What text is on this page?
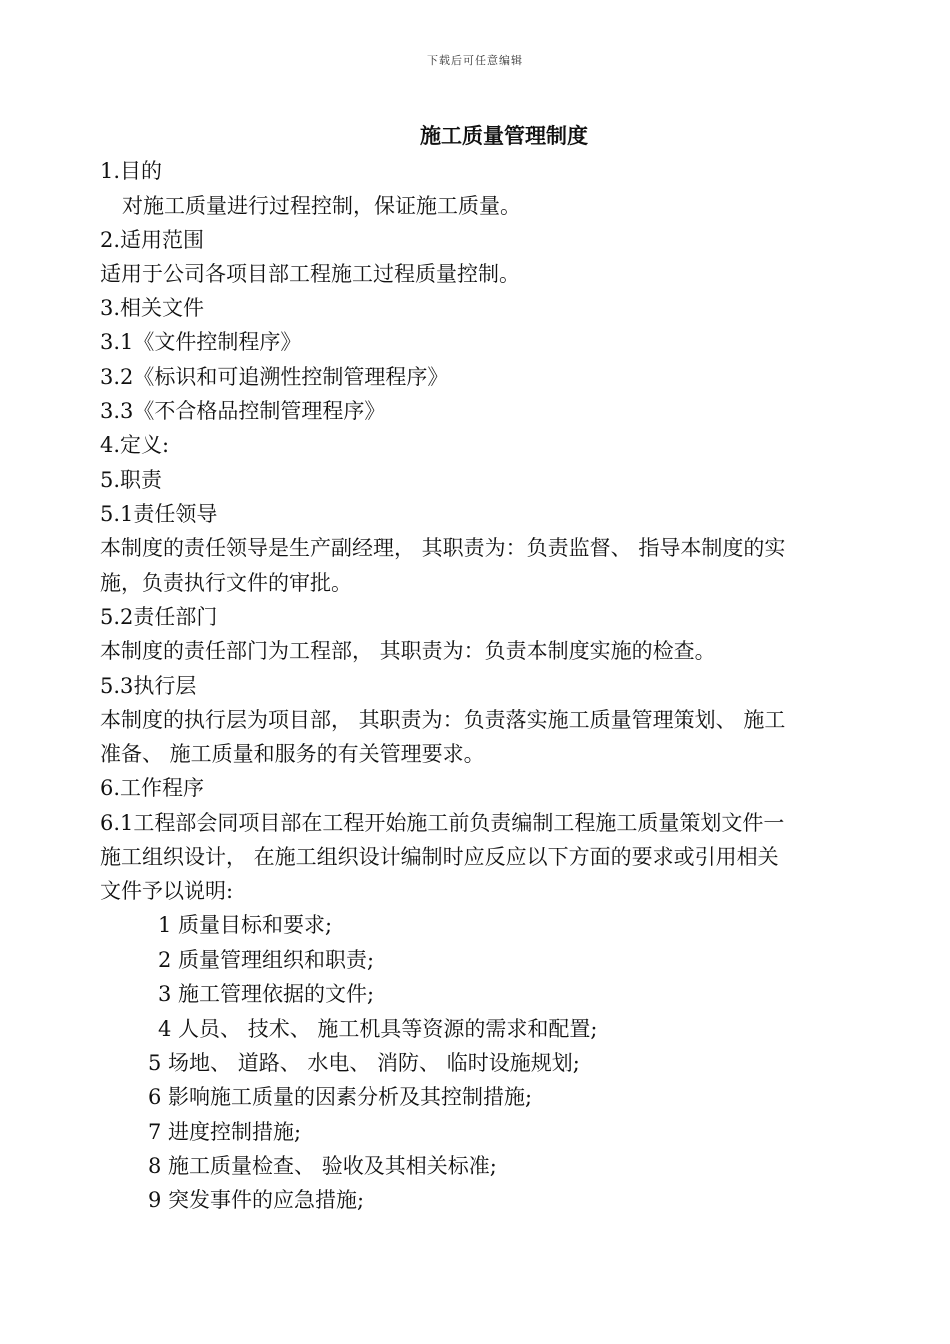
下载后可任意编辑
施工质量管理制度
1.目的
对施工质量进行过程控制，保证施工质量。
2.适用范围
适用于公司各项目部工程施工过程质量控制。
3.相关文件
3.1《文件控制程序》
3.2《标识和可追溯性控制管理程序》
3.3《不合格品控制管理程序》
4.定义:
5.职责
5.1责任领导
本制度的责任领导是生产副经理， 其职责为：负责监督、 指导本制度的实
施，负责执行文件的审批。
5.2责任部门
本制度的责任部门为工程部， 其职责为：负责本制度实施的检查。
5.3执行层
本制度的执行层为项目部， 其职责为：负责落实施工质量管理策划、 施工
准备、 施工质量和服务的有关管理要求。
6.工作程序
6.1工程部会同项目部在工程开始施工前负责编制工程施工质量策划文件一
施工组织设计， 在施工组织设计编制时应反应以下方面的要求或引用相关
文件予以说明:
1 质量目标和要求;
2 质量管理组织和职责;
3 施工管理依据的文件;
4 人员、 技术、 施工机具等资源的需求和配置;
5 场地、 道路、 水电、 消防、 临时设施规划;
6 影响施工质量的因素分析及其控制措施;
7 进度控制措施;
8 施工质量检查、 验收及其相关标准;
9 突发事件的应急措施;
